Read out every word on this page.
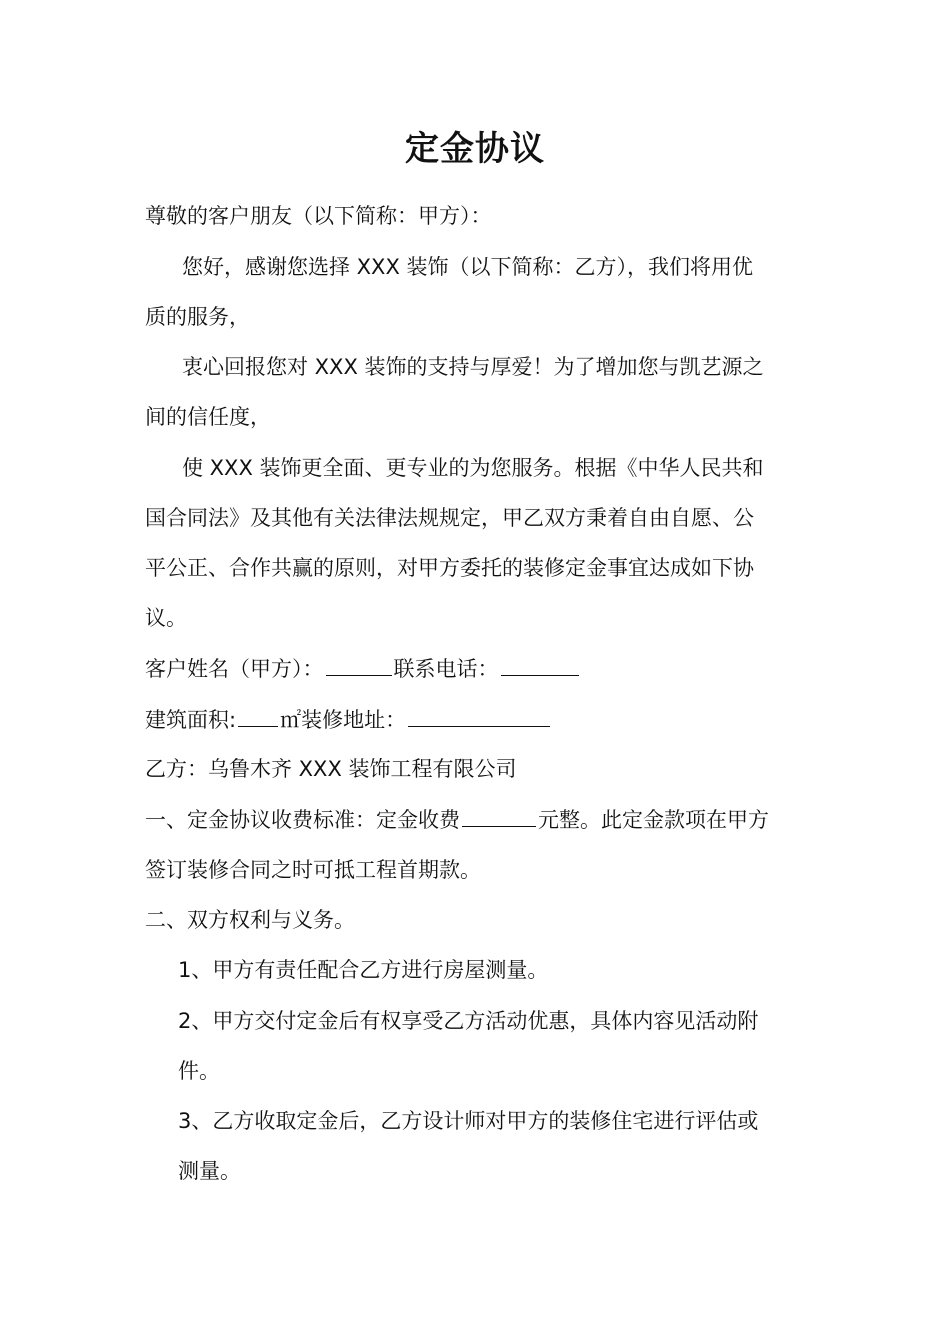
定金协议
尊敬的客户朋友（以下简称：甲方）：
您好，感谢您选择 XXX 装饰（以下简称：乙方），我们将用优
质的服务，
衷心回报您对 XXX 装饰的支持与厚爱！为了增加您与凯艺源之
间的信任度，
使 XXX 装饰更全面、更专业的为您服务。根据《中华人民共和
国合同法》及其他有关法律法规规定，甲乙双方秉着自由自愿、公
平公正、合作共赢的原则，对甲方委托的装修定金事宜达成如下协
议。
客户姓名（甲方）：	联系电话：
建筑面积: ㎡装修地址：
乙方：乌鲁木齐 XXX 装饰工程有限公司
一、定金协议收费标准：定金收费	元整。此定金款项在甲方
签订装修合同之时可抵工程首期款。
二、双方权利与义务。
1、甲方有责任配合乙方进行房屋测量。
2、甲方交付定金后有权享受乙方活动优惠，具体内容见活动附
件。
3、乙方收取定金后，乙方设计师对甲方的装修住宅进行评估或
测量。
